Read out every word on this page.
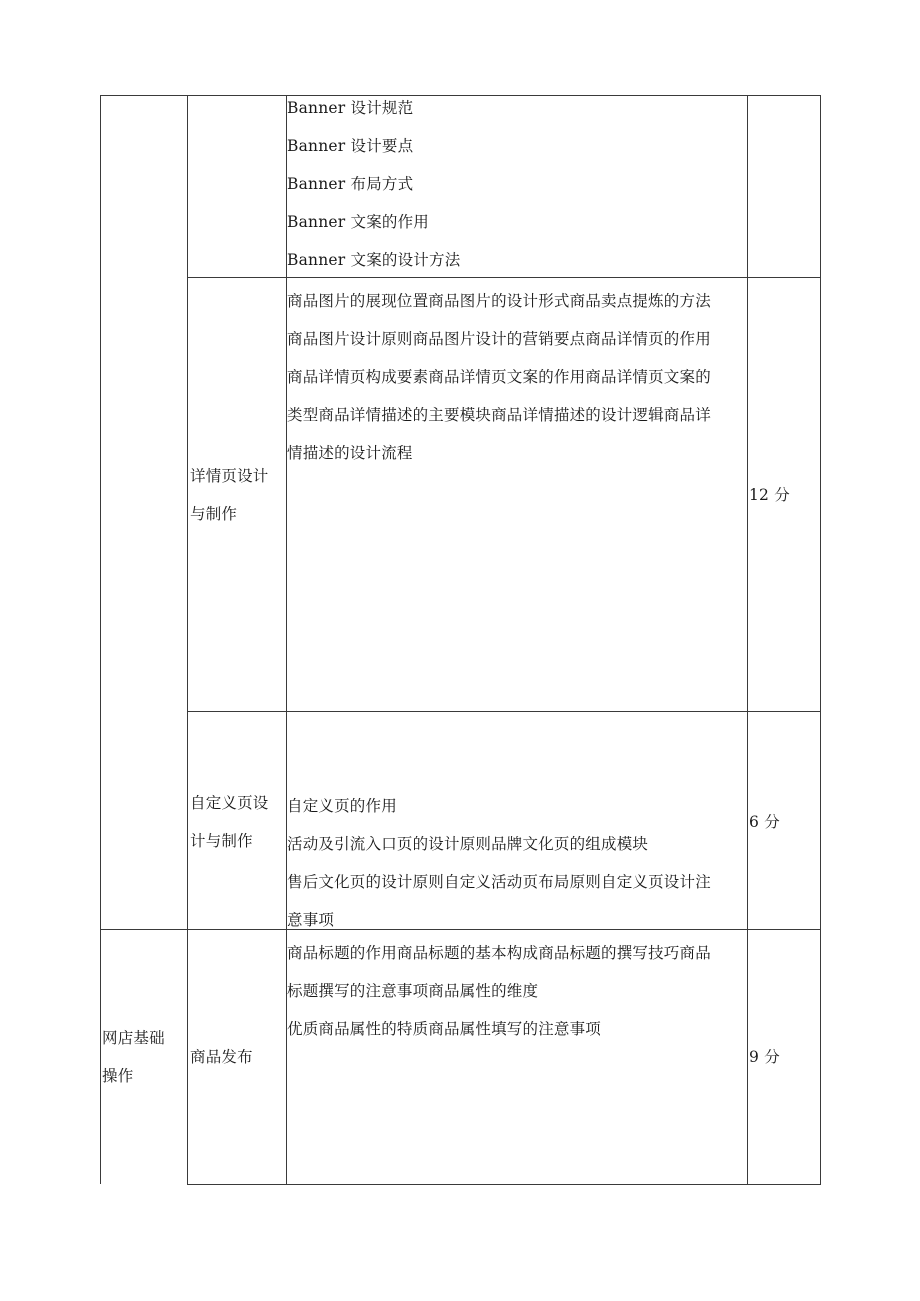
Banner 设计规范
Banner 设计要点
Banner 布局方式
Banner 文案的作用
Banner 文案的设计方法
详情页设计
与制作
商品图片的展现位置商品图片的设计形式商品卖点提炼的方法
商品图片设计原则商品图片设计的营销要点商品详情页的作用
商品详情页构成要素商品详情页文案的作用商品详情页文案的
类型商品详情描述的主要模块商品详情描述的设计逻辑商品详
情描述的设计流程
12 分
自定义页设
计与制作
自定义页的作用
活动及引流入口页的设计原则品牌文化页的组成模块
售后文化页的设计原则自定义活动页布局原则自定义页设计注
意事项
6 分
网店基础
操作
商品发布
商品标题的作用商品标题的基本构成商品标题的撰写技巧商品
标题撰写的注意事项商品属性的维度
优质商品属性的特质商品属性填写的注意事项
9 分
